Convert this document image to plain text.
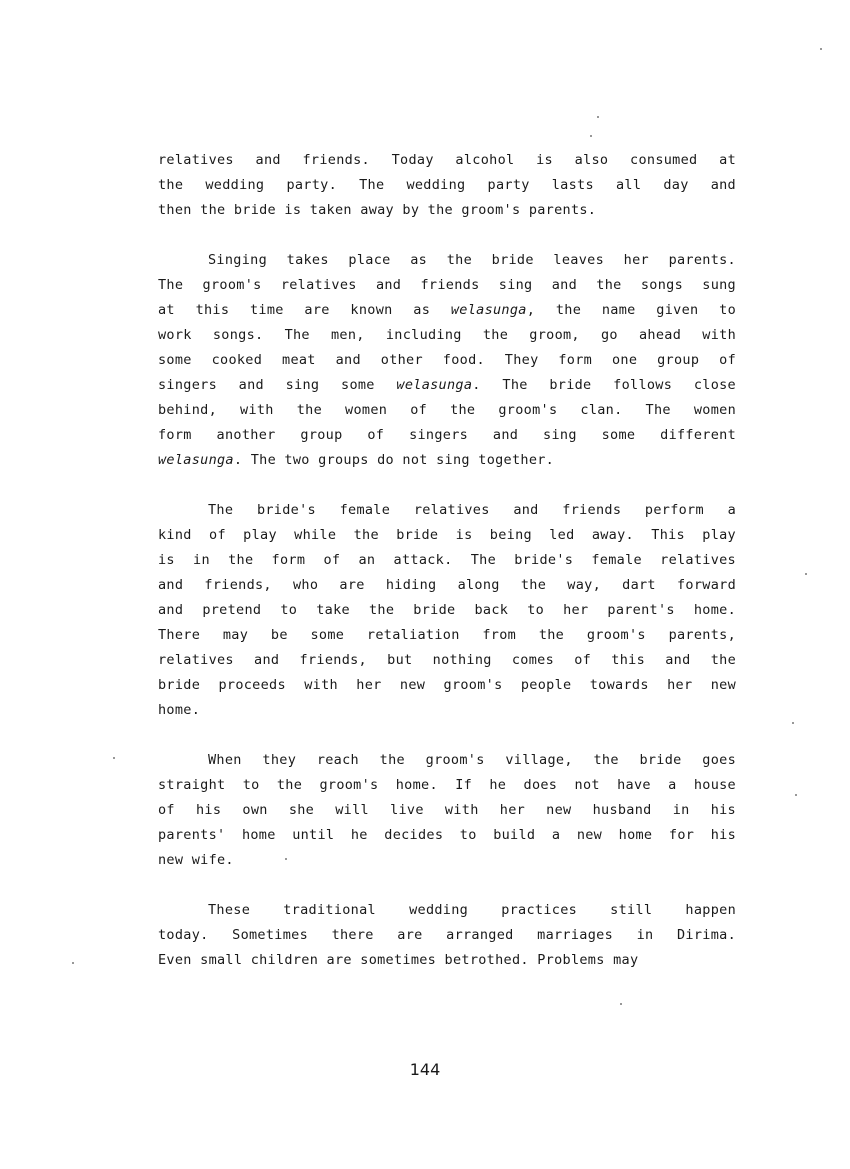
relatives and friends. Today alcohol is also consumed at
the wedding party. The wedding party lasts all day and
then the bride is taken away by the groom's parents.
Singing takes place as the bride leaves her parents.
The groom's relatives and friends sing and the songs sung
at this time are known as welasunga, the name given to
work songs. The men, including the groom, go ahead with
some cooked meat and other food. They form one group of
singers and sing some welasunga. The bride follows close
behind, with the women of the groom's clan. The women
form another group of singers and sing some different
welasunga. The two groups do not sing together.
The bride's female relatives and friends perform a
kind of play while the bride is being led away. This play
is in the form of an attack. The bride's female relatives
and friends, who are hiding along the way, dart forward
and pretend to take the bride back to her parent's home.
There may be some retaliation from the groom's parents,
relatives and friends, but nothing comes of this and the
bride proceeds with her new groom's people towards her new
home.
When they reach the groom's village, the bride goes
straight to the groom's home. If he does not have a house
of his own she will live with her new husband in his
parents' home until he decides to build a new home for his
new wife.
These traditional wedding practices still happen
today. Sometimes there are arranged marriages in Dirima.
Even small children are sometimes betrothed. Problems may
144
